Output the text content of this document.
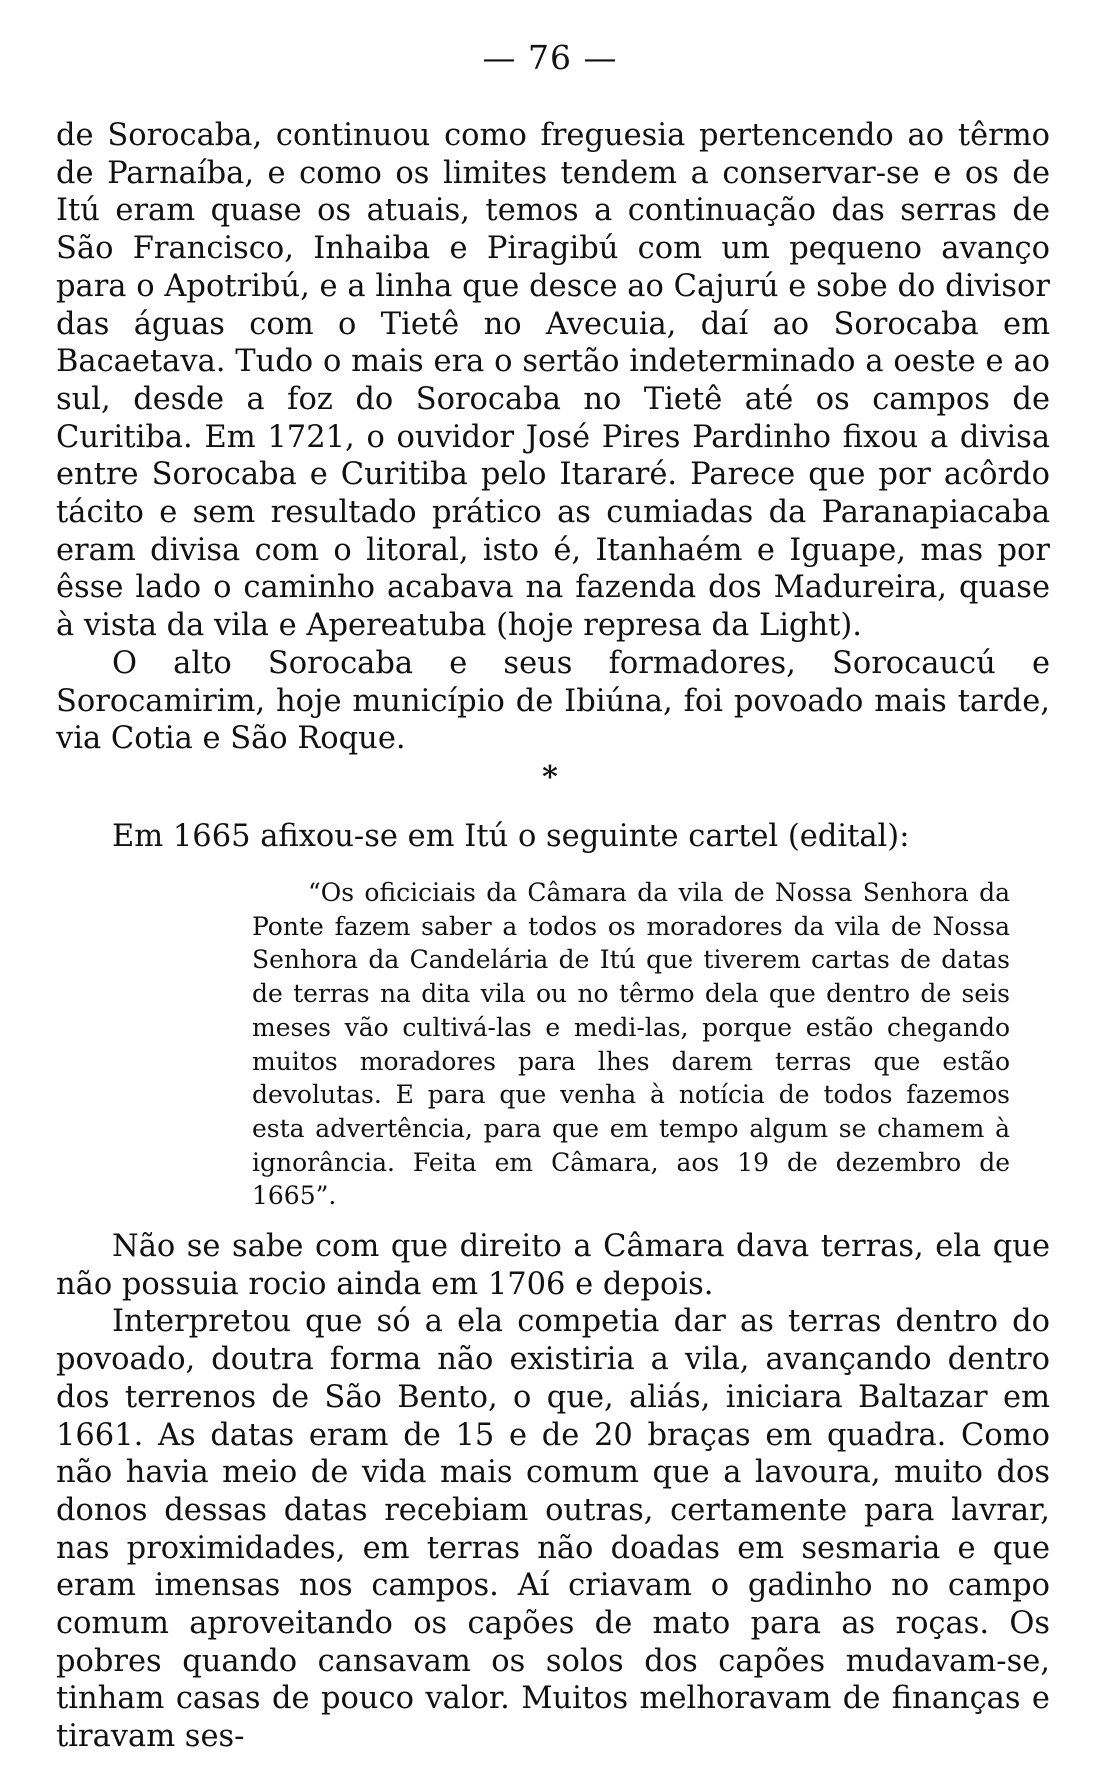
— 76 —

de Sorocaba, continuou como freguesia pertencendo ao têrmo de Parnaíba, e como os limites tendem a conservar-se e os de Itú eram quase os atuais, temos a continuação das serras de São Francisco, Inhaiba e Piragibú com um pequeno avanço para o Apotribú, e a linha que desce ao Cajurú e sobe do divisor das águas com o Tietê no Avecuia, daí ao Sorocaba em Bacaetava. Tudo o mais era o sertão indeterminado a oeste e ao sul, desde a foz do Sorocaba no Tietê até os campos de Curitiba. Em 1721, o ouvidor José Pires Pardinho fixou a divisa entre Sorocaba e Curitiba pelo Itararé. Parece que por acôrdo tácito e sem resultado prático as cumiadas da Paranapiacaba eram divisa com o litoral, isto é, Itanhaém e Iguape, mas por êsse lado o caminho acabava na fazenda dos Madureira, quase à vista da vila e Apereatuba (hoje represa da Light).

O alto Sorocaba e seus formadores, Sorocaucú e Sorocamirim, hoje município de Ibiúna, foi povoado mais tarde, via Cotia e São Roque.

*

Em 1665 afixou-se em Itú o seguinte cartel (edital):

“Os oficiciais da Câmara da vila de Nossa Senhora da Ponte fazem saber a todos os moradores da vila de Nossa Senhora da Candelária de Itú que tiverem cartas de datas de terras na dita vila ou no têrmo dela que dentro de seis meses vão cultivá-las e medi-las, porque estão chegando muitos moradores para lhes darem terras que estão devolutas. E para que venha à notícia de todos fazemos esta advertência, para que em tempo algum se chamem à ignorância. Feita em Câmara, aos 19 de dezembro de 1665”.

Não se sabe com que direito a Câmara dava terras, ela que não possuia rocio ainda em 1706 e depois.

Interpretou que só a ela competia dar as terras dentro do povoado, doutra forma não existiria a vila, avançando dentro dos terrenos de São Bento, o que, aliás, iniciara Baltazar em 1661. As datas eram de 15 e de 20 braças em quadra. Como não havia meio de vida mais comum que a lavoura, muito dos donos dessas datas recebiam outras, certamente para lavrar, nas proximidades, em terras não doadas em sesmaria e que eram imensas nos campos. Aí criavam o gadinho no campo comum aproveitando os capões de mato para as roças. Os pobres quando cansavam os solos dos capões mudavam-se, tinham casas de pouco valor. Muitos melhoravam de finanças e tiravam ses-
